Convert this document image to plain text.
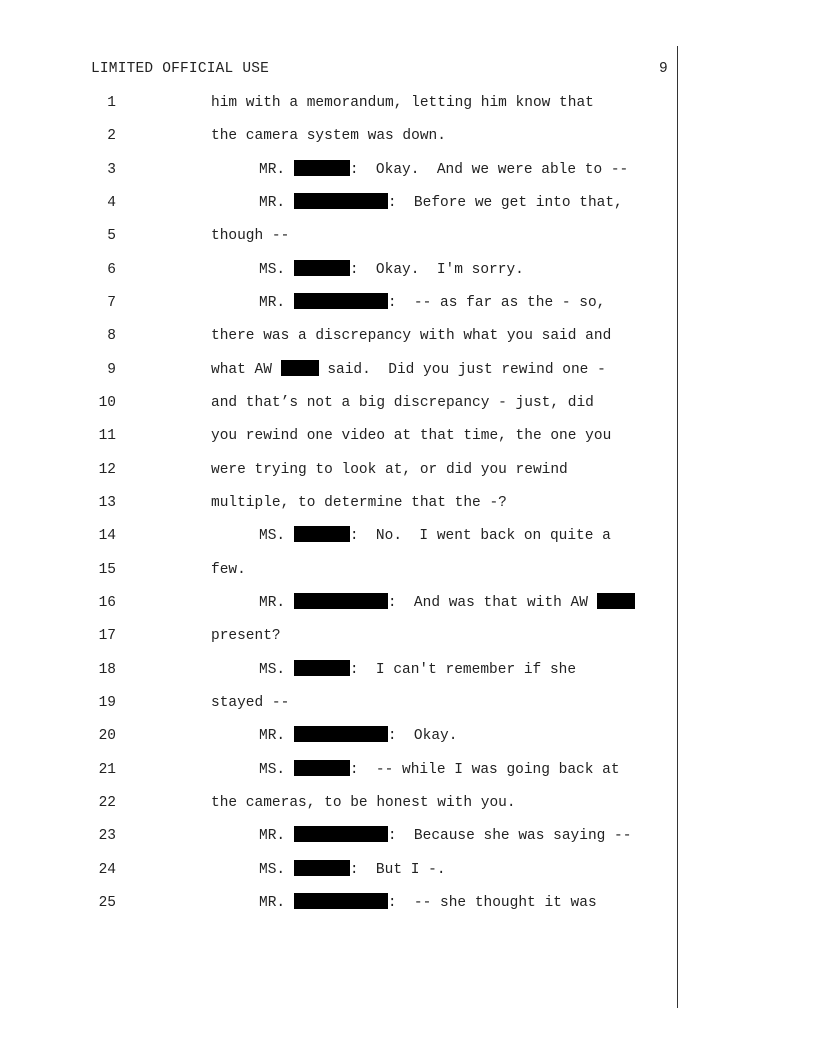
LIMITED OFFICIAL USE	9
1	him with a memorandum, letting him know that
2	the camera system was down.
3	MR.	:  Okay.  And we were able to --
4	MR.	:  Before we get into that,
5	though --
6	MS.	:  Okay.  I'm sorry.
7	MR.	:  -- as far as the - so,
8	there was a discrepancy with what you said and
9	what AW	said.  Did you just rewind one -
10	and that’s not a big discrepancy - just, did
11	you rewind one video at that time, the one you
12	were trying to look at, or did you rewind
13	multiple, to determine that the -?
14	MS.	:  No.  I went back on quite a
15	few.
16	MR.	:  And was that with AW
17	present?
18	MS.	:  I can't remember if she
19	stayed --
20	MR.	:  Okay.
21	MS.	:  -- while I was going back at
22	the cameras, to be honest with you.
23	MR.	:  Because she was saying --
24	MS.	:  But I -.
25	MR.	:  -- she thought it was
